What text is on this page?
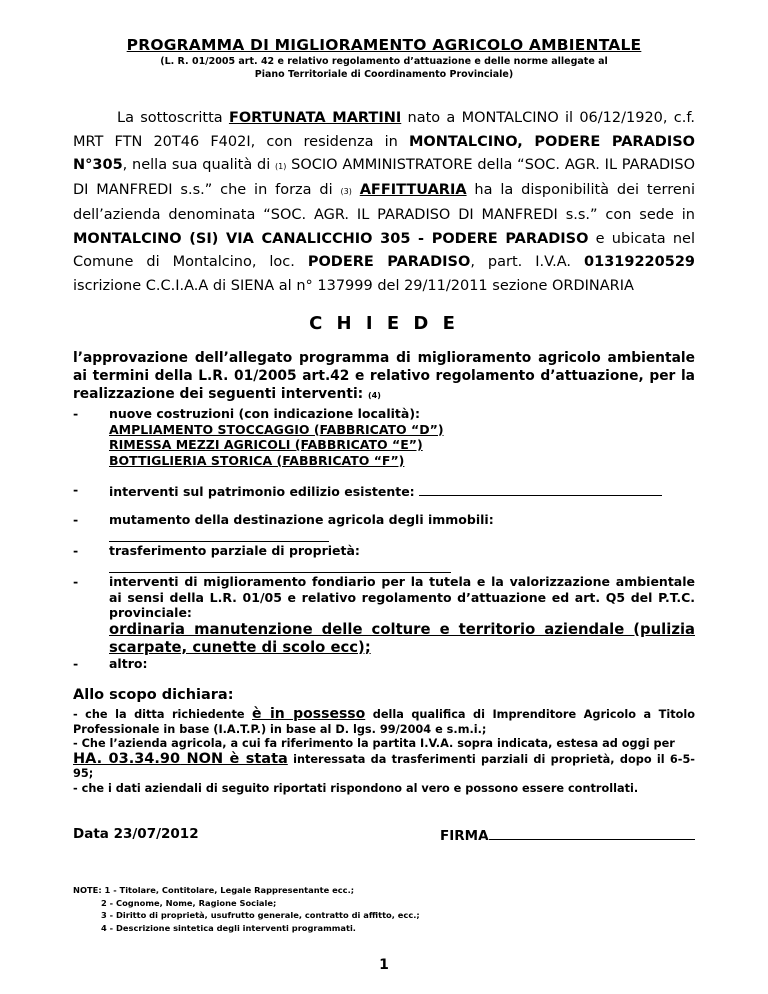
PROGRAMMA DI MIGLIORAMENTO AGRICOLO AMBIENTALE
(L. R. 01/2005 art. 42 e relativo regolamento d’attuazione e delle norme allegate al
Piano Territoriale di Coordinamento Provinciale)
La sottoscritta FORTUNATA MARTINI nato a MONTALCINO il 06/12/1920, c.f. MRT FTN 20T46 F402I, con residenza in MONTALCINO, PODERE PARADISO N°305, nella sua qualità di (1) SOCIO AMMINISTRATORE della “SOC. AGR. IL PARADISO DI MANFREDI s.s.” che in forza di (3) AFFITTUARIA ha la disponibilità dei terreni dell’azienda denominata “SOC. AGR. IL PARADISO DI MANFREDI s.s.” con sede in MONTALCINO (SI) VIA CANALICCHIO 305 - PODERE PARADISO e ubicata nel Comune di Montalcino, loc. PODERE PARADISO, part. I.V.A. 01319220529 iscrizione C.C.I.A.A di SIENA al n° 137999 del 29/11/2011 sezione ORDINARIA
C H I E D E
l’approvazione dell’allegato programma di miglioramento agricolo ambientale ai termini della L.R. 01/2005 art.42 e relativo regolamento d’attuazione, per la realizzazione dei seguenti interventi: (4)
- nuove costruzioni (con indicazione località):
AMPLIAMENTO STOCCAGGIO (FABBRICATO “D”)
RIMESSA MEZZI AGRICOLI (FABBRICATO “E”)
BOTTIGLIERIA STORICA (FABBRICATO “F”)
- interventi sul patrimonio edilizio esistente:
- mutamento della destinazione agricola degli immobili:
- trasferimento parziale di proprietà:
- interventi di miglioramento fondiario per la tutela e la valorizzazione ambientale ai sensi della L.R. 01/05 e relativo regolamento d’attuazione ed art. Q5 del P.T.C. provinciale:
ordinaria manutenzione delle colture e territorio aziendale (pulizia scarpate, cunette di scolo ecc);
- altro:
Allo scopo dichiara:
- che la ditta richiedente è in possesso della qualifica di Imprenditore Agricolo a Titolo Professionale in base (I.A.T.P.) in base al D. lgs. 99/2004 e s.m.i.;
- Che l’azienda agricola, a cui fa riferimento la partita I.V.A. sopra indicata, estesa ad oggi per
HA. 03.34.90 NON è stata interessata da trasferimenti parziali di proprietà, dopo il 6-5-95;
- che i dati aziendali di seguito riportati rispondono al vero e possono essere controllati.
Data 23/07/2012	FIRMA
NOTE: 1 - Titolare, Contitolare, Legale Rappresentante ecc.;
2 - Cognome, Nome, Ragione Sociale;
3 - Diritto di proprietà, usufrutto generale, contratto di affitto, ecc.;
4 - Descrizione sintetica degli interventi programmati.
1
